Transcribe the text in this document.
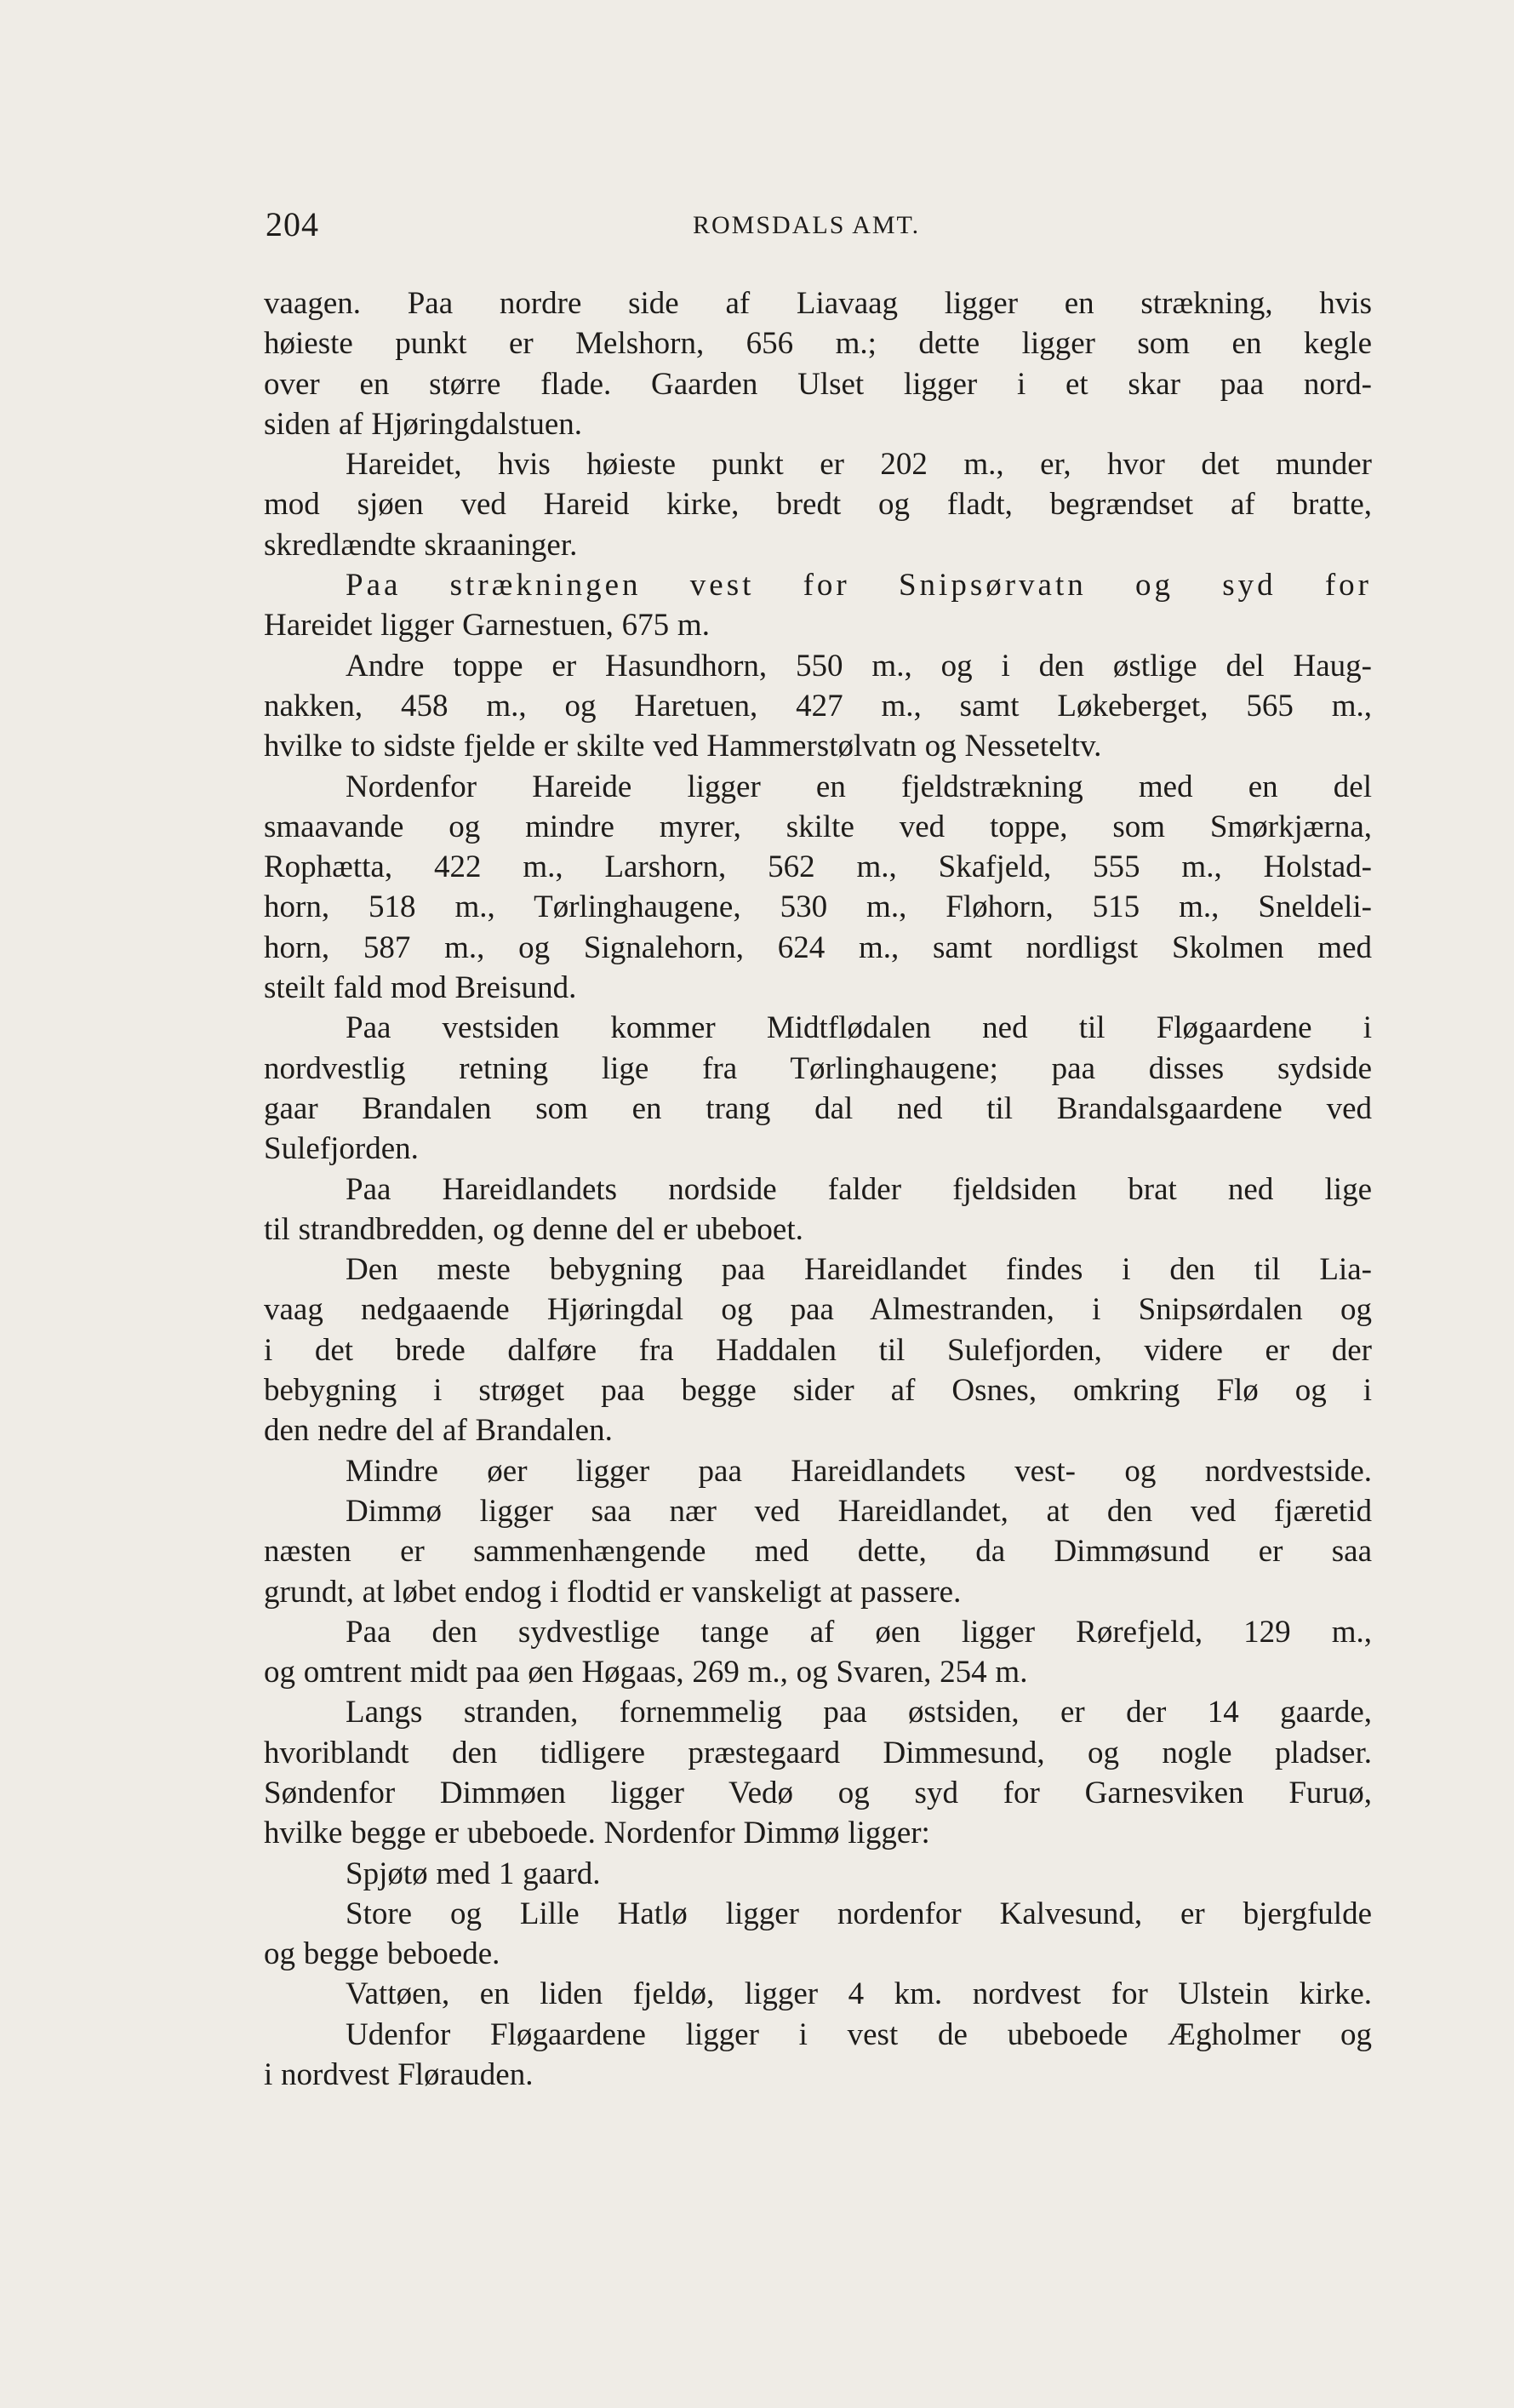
204	ROMSDALS AMT.
vaagen. Paa nordre side af Liavaag ligger en strækning, hvis
høieste punkt er Melshorn, 656 m.; dette ligger som en kegle
over en større flade. Gaarden Ulset ligger i et skar paa nord-
siden af Hjøringdalstuen.
Hareidet, hvis høieste punkt er 202 m., er, hvor det munder
mod sjøen ved Hareid kirke, bredt og fladt, begrændset af bratte,
skredlændte skraaninger.
Paa strækningen vest for Snipsørvatn og syd for
Hareidet ligger Garnestuen, 675 m.
Andre toppe er Hasundhorn, 550 m., og i den østlige del Haug-
nakken, 458 m., og Haretuen, 427 m., samt Løkeberget, 565 m.,
hvilke to sidste fjelde er skilte ved Hammerstølvatn og Nesseteltv.
Nordenfor Hareide ligger en fjeldstrækning med en del
smaavande og mindre myrer, skilte ved toppe, som Smørkjærna,
Rophætta, 422 m., Larshorn, 562 m., Skafjeld, 555 m., Holstad-
horn, 518 m., Tørlinghaugene, 530 m., Fløhorn, 515 m., Sneldeli-
horn, 587 m., og Signalehorn, 624 m., samt nordligst Skolmen med
steilt fald mod Breisund.
Paa vestsiden kommer Midtflødalen ned til Fløgaardene i
nordvestlig retning lige fra Tørlinghaugene; paa disses sydside
gaar Brandalen som en trang dal ned til Brandalsgaardene ved
Sulefjorden.
Paa Hareidlandets nordside falder fjeldsiden brat ned lige
til strandbredden, og denne del er ubeboet.
Den meste bebygning paa Hareidlandet findes i den til Lia-
vaag nedgaaende Hjøringdal og paa Almestranden, i Snipsørdalen og
i det brede dalføre fra Haddalen til Sulefjorden, videre er der
bebygning i strøget paa begge sider af Osnes, omkring Flø og i
den nedre del af Brandalen.
Mindre øer ligger paa Hareidlandets vest- og nordvestside.
Dimmø ligger saa nær ved Hareidlandet, at den ved fjæretid
næsten er sammenhængende med dette, da Dimmøsund er saa
grundt, at løbet endog i flodtid er vanskeligt at passere.
Paa den sydvestlige tange af øen ligger Rørefjeld, 129 m.,
og omtrent midt paa øen Høgaas, 269 m., og Svaren, 254 m.
Langs stranden, fornemmelig paa østsiden, er der 14 gaarde,
hvoriblandt den tidligere præstegaard Dimmesund, og nogle pladser.
Søndenfor Dimmøen ligger Vedø og syd for Garnesviken Furuø,
hvilke begge er ubeboede. Nordenfor Dimmø ligger:
Spjøtø med 1 gaard.
Store og Lille Hatlø ligger nordenfor Kalvesund, er bjergfulde
og begge beboede.
Vattøen, en liden fjeldø, ligger 4 km. nordvest for Ulstein kirke.
Udenfor Fløgaardene ligger i vest de ubeboede Ægholmer og
i nordvest Flørauden.
